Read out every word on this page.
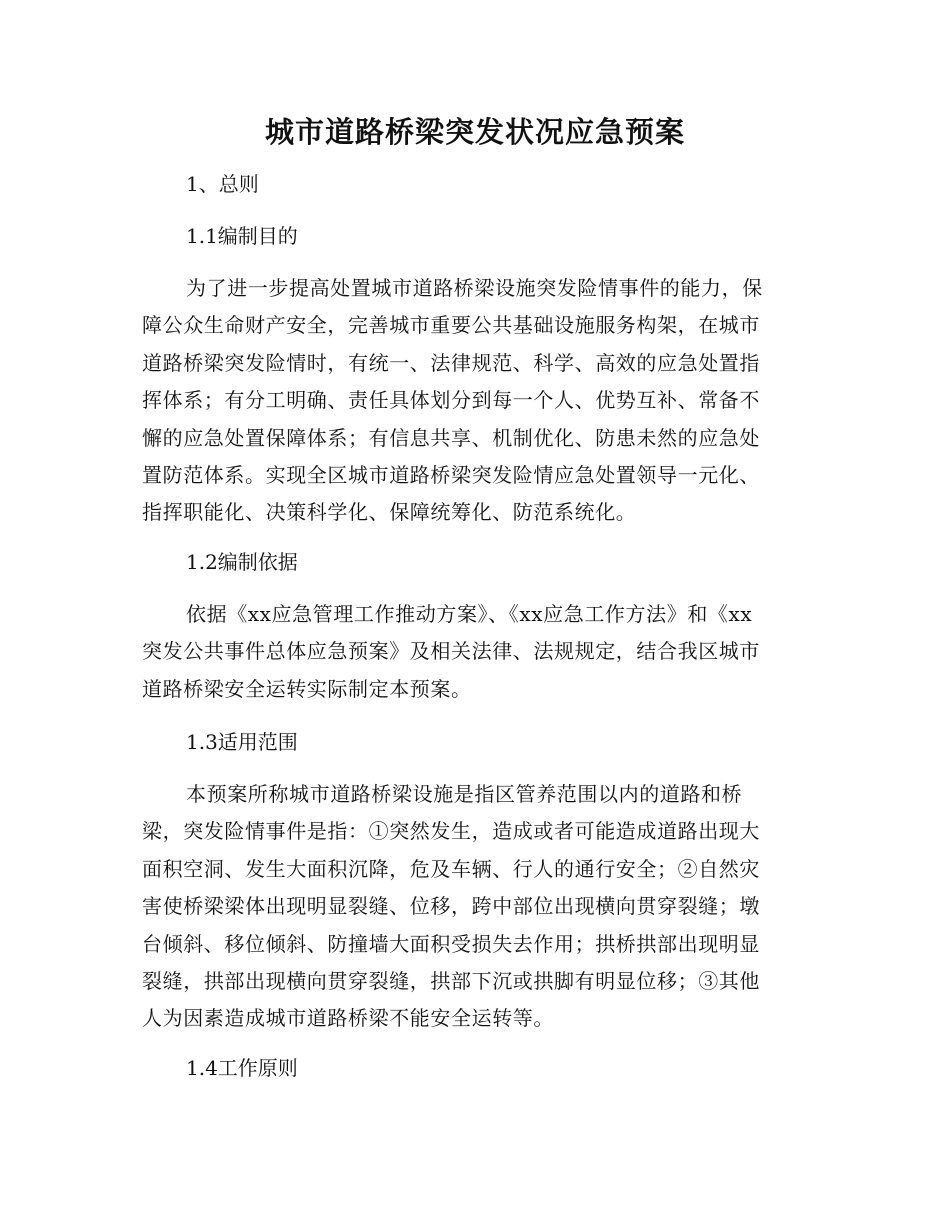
城市道路桥梁突发状况应急预案

1、总则

1.1编制目的

为了进一步提高处置城市道路桥梁设施突发险情事件的能力，保
障公众生命财产安全，完善城市重要公共基础设施服务构架，在城市
道路桥梁突发险情时，有统一、法律规范、科学、高效的应急处置指
挥体系；有分工明确、责任具体划分到每一个人、优势互补、常备不
懈的应急处置保障体系；有信息共享、机制优化、防患未然的应急处
置防范体系。实现全区城市道路桥梁突发险情应急处置领导一元化、
指挥职能化、决策科学化、保障统筹化、防范系统化。

1.2编制依据

依据《xx应急管理工作推动方案》、《xx应急工作方法》和《xx
突发公共事件总体应急预案》及相关法律、法规规定，结合我区城市
道路桥梁安全运转实际制定本预案。

1.3适用范围

本预案所称城市道路桥梁设施是指区管养范围以内的道路和桥
梁，突发险情事件是指：①突然发生，造成或者可能造成道路出现大
面积空洞、发生大面积沉降，危及车辆、行人的通行安全；②自然灾
害使桥梁梁体出现明显裂缝、位移，跨中部位出现横向贯穿裂缝；墩
台倾斜、移位倾斜、防撞墙大面积受损失去作用；拱桥拱部出现明显
裂缝，拱部出现横向贯穿裂缝，拱部下沉或拱脚有明显位移；③其他
人为因素造成城市道路桥梁不能安全运转等。

1.4工作原则
